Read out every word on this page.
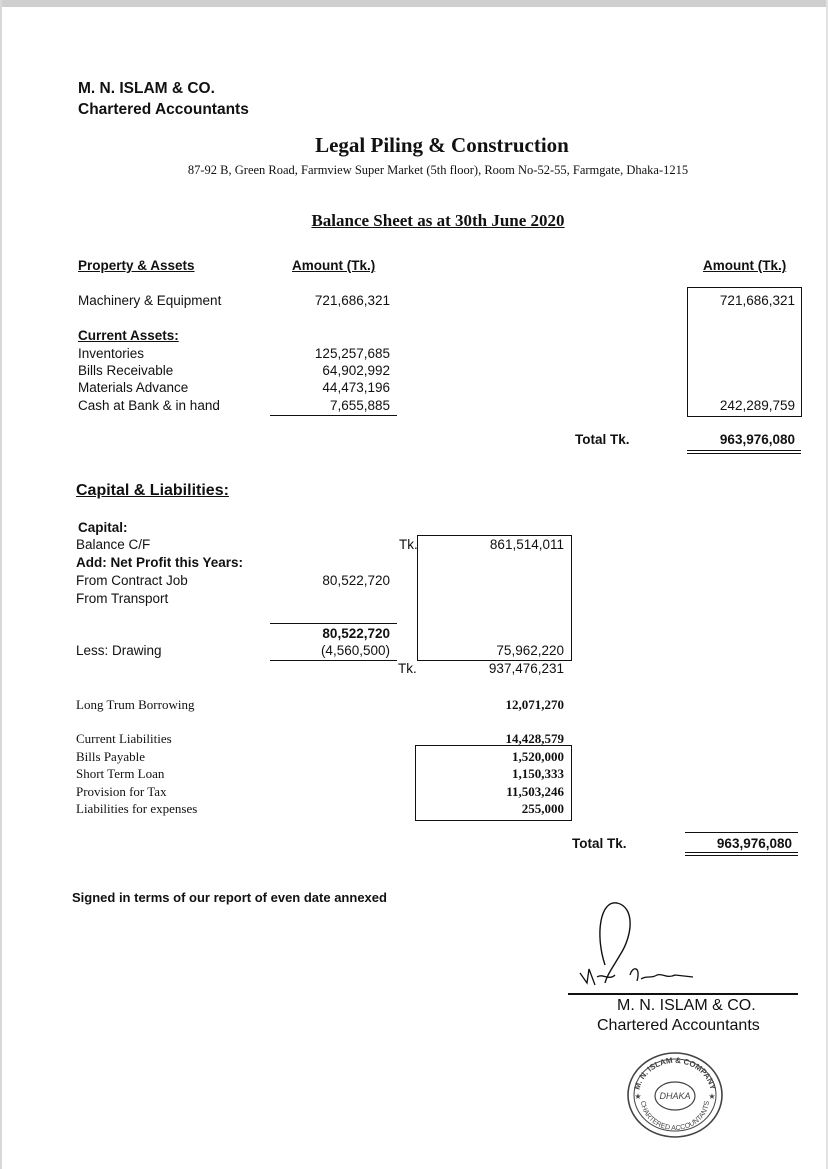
M. N. ISLAM & CO.
Chartered Accountants
Legal Piling & Construction
87-92 B, Green Road, Farmview Super Market (5th floor), Room No-52-55, Farmgate, Dhaka-1215
Balance Sheet as at 30th June 2020
Property & Assets	Amount (Tk.)	Amount (Tk.)
Machinery & Equipment	721,686,321	721,686,321
Current Assets:
Inventories	125,257,685
Bills Receivable	64,902,992
Materials Advance	44,473,196
Cash at Bank & in hand	7,655,885	242,289,759
Total Tk.	963,976,080
Capital & Liabilities:
Capital:
Balance C/F	Tk.	861,514,011
Add: Net Profit this Years:
From Contract Job	80,522,720
From Transport
80,522,720
Less: Drawing	(4,560,500)	75,962,220
Tk.	937,476,231
Long Trum Borrowing	12,071,270
Current Liabilities	14,428,579
Bills Payable	1,520,000
Short Term Loan	1,150,333
Provision for Tax	11,503,246
Liabilities for expenses	255,000
Total Tk.	963,976,080
Signed in terms of our report of even date annexed
M. N. ISLAM & CO.
Chartered Accountants
M. N. ISLAM & COMPANY
CHARTERED ACCOUNTANTS
DHAKA
★	★
